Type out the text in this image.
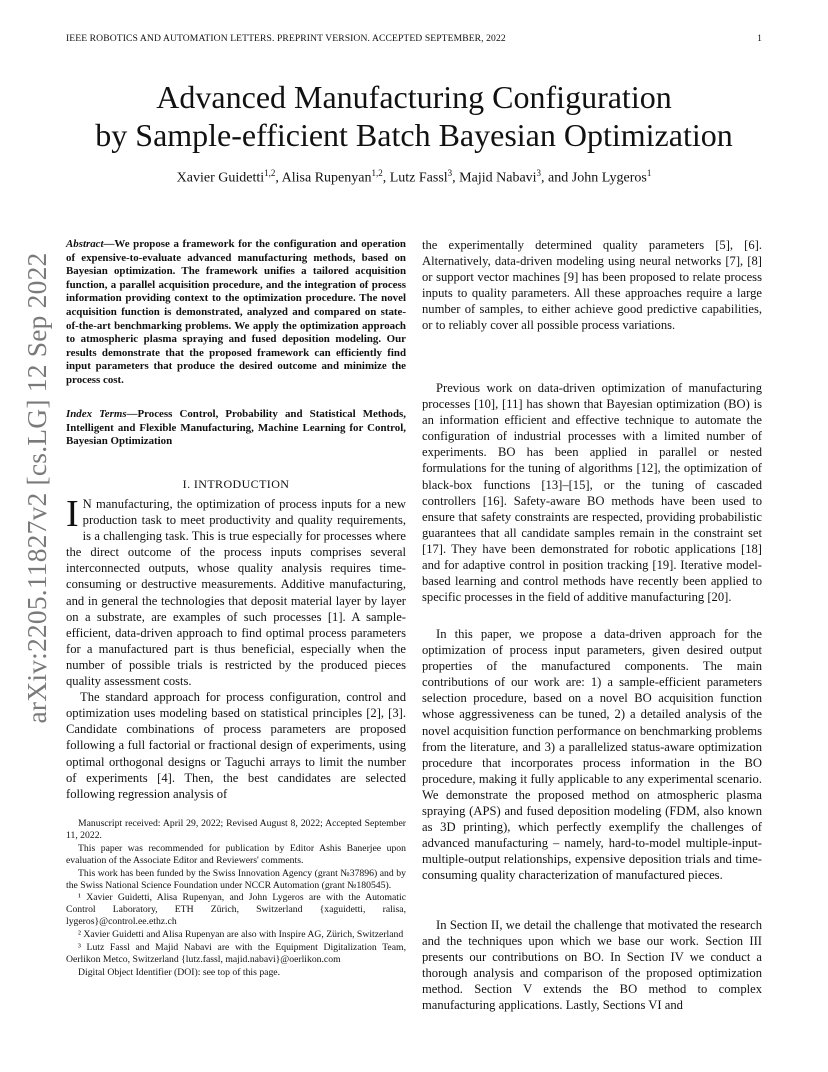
IEEE ROBOTICS AND AUTOMATION LETTERS. PREPRINT VERSION. ACCEPTED SEPTEMBER, 2022	1
arXiv:2205.11827v2 [cs.LG] 12 Sep 2022
Advanced Manufacturing Configuration
by Sample-efficient Batch Bayesian Optimization
Xavier Guidetti$^{1,2}$, Alisa Rupenyan$^{1,2}$, Lutz Fassl$^3$, Majid Nabavi$^3$, and John Lygeros$^1$

Abstract—We propose a framework for the configuration and operation of expensive-to-evaluate advanced manufacturing methods, based on Bayesian optimization. The framework unifies a tailored acquisition function, a parallel acquisition procedure, and the integration of process information providing context to the optimization procedure. The novel acquisition function is demonstrated, analyzed and compared on state-of-the-art benchmarking problems. We apply the optimization approach to atmospheric plasma spraying and fused deposition modeling. Our results demonstrate that the proposed framework can efficiently find input parameters that produce the desired outcome and minimize the process cost.

Index Terms—Process Control, Probability and Statistical Methods, Intelligent and Flexible Manufacturing, Machine Learning for Control, Bayesian Optimization

I. INTRODUCTION

I N manufacturing, the optimization of process inputs for a new production task to meet productivity and quality requirements, is a challenging task. This is true especially for processes where the direct outcome of the process inputs comprises several interconnected outputs, whose quality analysis requires time-consuming or destructive measurements. Additive manufacturing, and in general the technologies that deposit material layer by layer on a substrate, are examples of such processes [1]. A sample-efficient, data-driven approach to find optimal process parameters for a manufactured part is thus beneficial, especially when the number of possible trials is restricted by the produced pieces quality assessment costs.

The standard approach for process configuration, control and optimization uses modeling based on statistical principles [2], [3]. Candidate combinations of process parameters are proposed following a full factorial or fractional design of experiments, using optimal orthogonal designs or Taguchi arrays to limit the number of experiments [4]. Then, the best candidates are selected following regression analysis of

Manuscript received: April 29, 2022; Revised August 8, 2022; Accepted September 11, 2022.

This paper was recommended for publication by Editor Ashis Banerjee upon evaluation of the Associate Editor and Reviewers' comments.

This work has been funded by the Swiss Innovation Agency (grant №37896) and by the Swiss National Science Foundation under NCCR Automation (grant №180545).

¹ Xavier Guidetti, Alisa Rupenyan, and John Lygeros are with the Automatic Control Laboratory, ETH Zürich, Switzerland {xaguidetti, ralisa, lygeros}@control.ee.ethz.ch

² Xavier Guidetti and Alisa Rupenyan are also with Inspire AG, Zürich, Switzerland

³ Lutz Fassl and Majid Nabavi are with the Equipment Digitalization Team, Oerlikon Metco, Switzerland {lutz.fassl, majid.nabavi}@oerlikon.com

Digital Object Identifier (DOI): see top of this page.

the experimentally determined quality parameters [5], [6]. Alternatively, data-driven modeling using neural networks [7], [8] or support vector machines [9] has been proposed to relate process inputs to quality parameters. All these approaches require a large number of samples, to either achieve good predictive capabilities, or to reliably cover all possible process variations.
Previous work on data-driven optimization of manufacturing processes [10], [11] has shown that Bayesian optimization (BO) is an information efficient and effective technique to automate the configuration of industrial processes with a limited number of experiments. BO has been applied in parallel or nested formulations for the tuning of algorithms [12], the optimization of black-box functions [13]–[15], or the tuning of cascaded controllers [16]. Safety-aware BO methods have been used to ensure that safety constraints are respected, providing probabilistic guarantees that all candidate samples remain in the constraint set [17]. They have been demonstrated for robotic applications [18] and for adaptive control in position tracking [19]. Iterative model-based learning and control methods have recently been applied to specific processes in the field of additive manufacturing [20].
In this paper, we propose a data-driven approach for the optimization of process input parameters, given desired output properties of the manufactured components. The main contributions of our work are: 1) a sample-efficient parameters selection procedure, based on a novel BO acquisition function whose aggressiveness can be tuned, 2) a detailed analysis of the novel acquisition function performance on benchmarking problems from the literature, and 3) a parallelized status-aware optimization procedure that incorporates process information in the BO procedure, making it fully applicable to any experimental scenario. We demonstrate the proposed method on atmospheric plasma spraying (APS) and fused deposition modeling (FDM, also known as 3D printing), which perfectly exemplify the challenges of advanced manufacturing – namely, hard-to-model multiple-input-multiple-output relationships, expensive deposition trials and time-consuming quality characterization of manufactured pieces.
In Section II, we detail the challenge that motivated the research and the techniques upon which we base our work. Section III presents our contributions on BO. In Section IV we conduct a thorough analysis and comparison of the proposed optimization method. Section V extends the BO method to complex manufacturing applications. Lastly, Sections VI and
